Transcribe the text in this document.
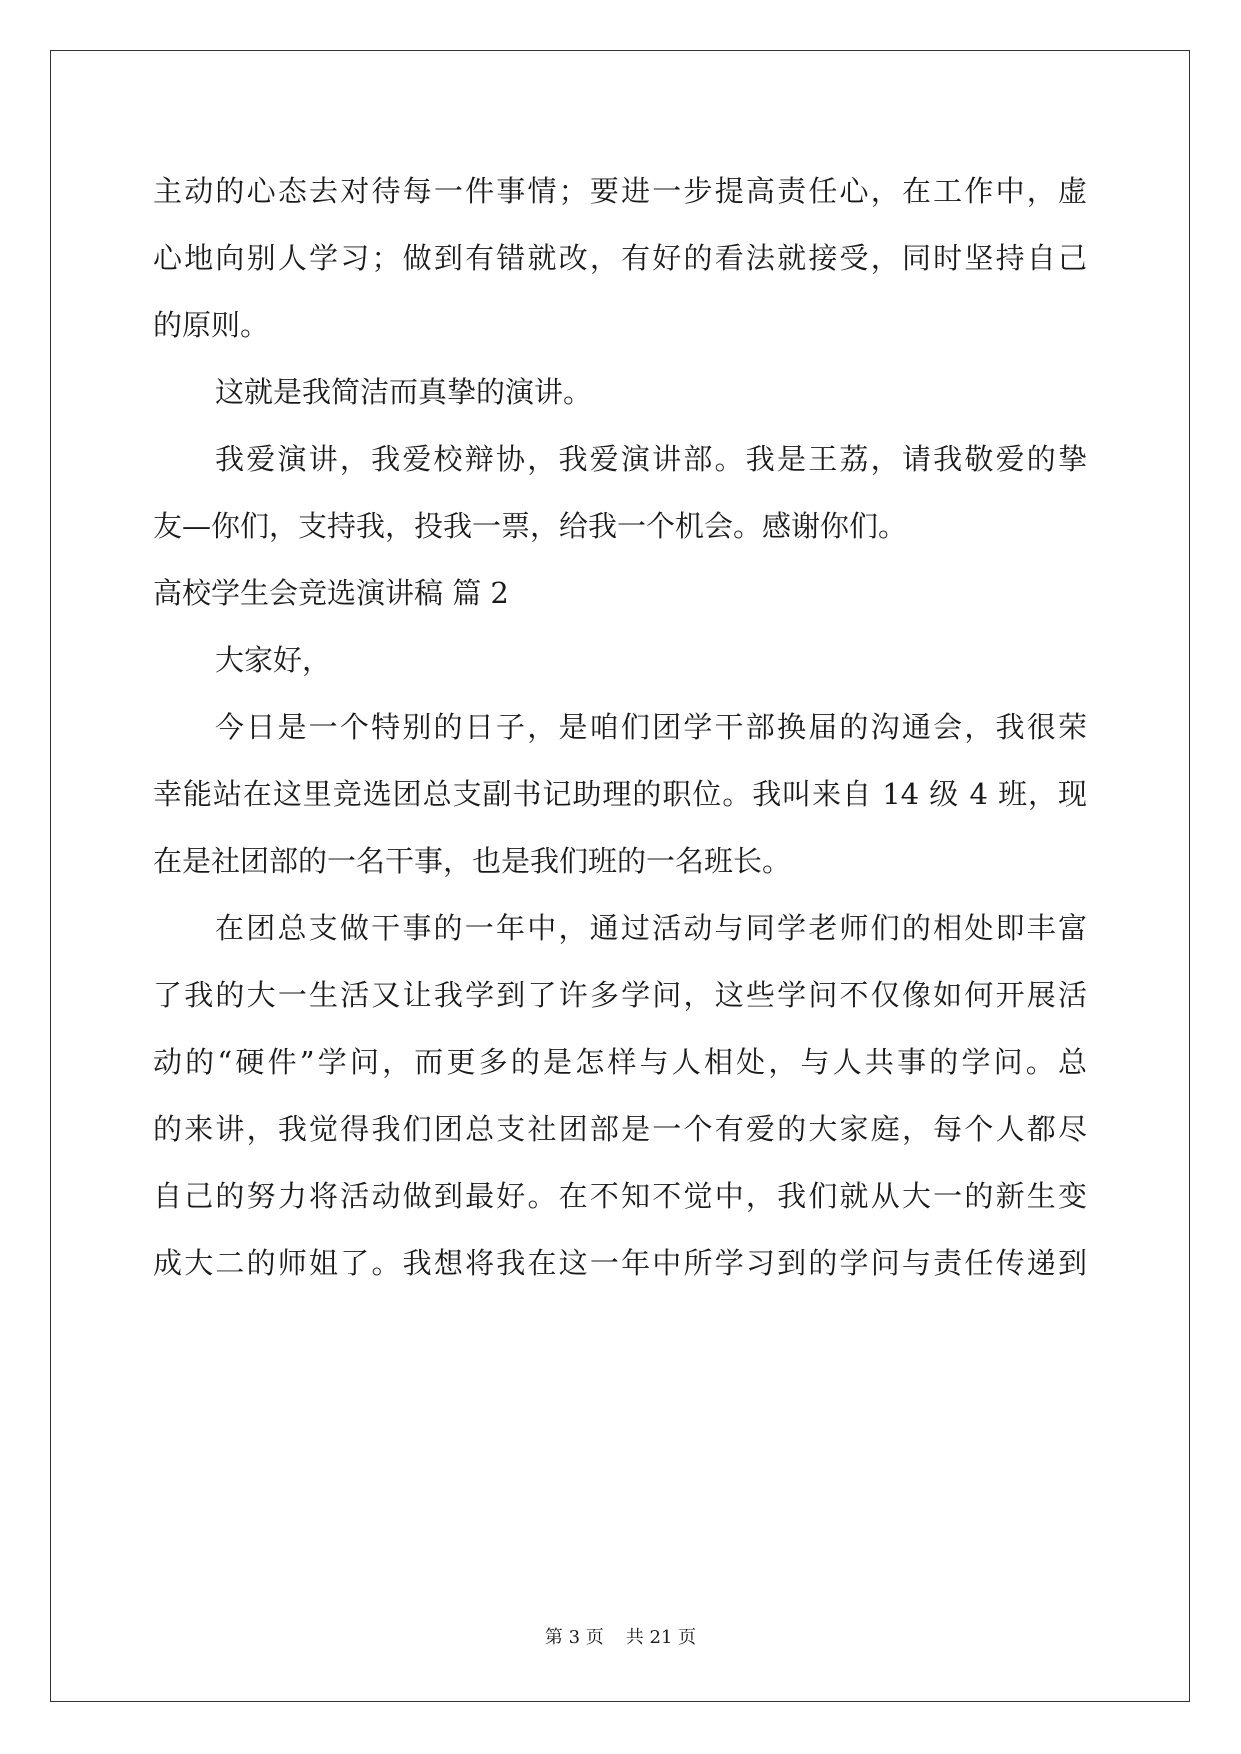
主动的心态去对待每一件事情；要进一步提高责任心，在工作中，虚
心地向别人学习；做到有错就改，有好的看法就接受，同时坚持自己
的原则。
这就是我简洁而真挚的演讲。
我爱演讲，我爱校辩协，我爱演讲部。我是王荔，请我敬爱的挚
友—你们，支持我，投我一票，给我一个机会。感谢你们。
高校学生会竞选演讲稿 篇 2
大家好，
今日是一个特别的日子，是咱们团学干部换届的沟通会，我很荣
幸能站在这里竞选团总支副书记助理的职位。我叫来自 14 级 4 班，现
在是社团部的一名干事，也是我们班的一名班长。
在团总支做干事的一年中，通过活动与同学老师们的相处即丰富
了我的大一生活又让我学到了许多学问，这些学问不仅像如何开展活
动的“硬件”学问，而更多的是怎样与人相处，与人共事的学问。总
的来讲，我觉得我们团总支社团部是一个有爱的大家庭，每个人都尽
自己的努力将活动做到最好。在不知不觉中，我们就从大一的新生变
成大二的师姐了。我想将我在这一年中所学习到的学问与责任传递到
第 3 页 共 21 页
